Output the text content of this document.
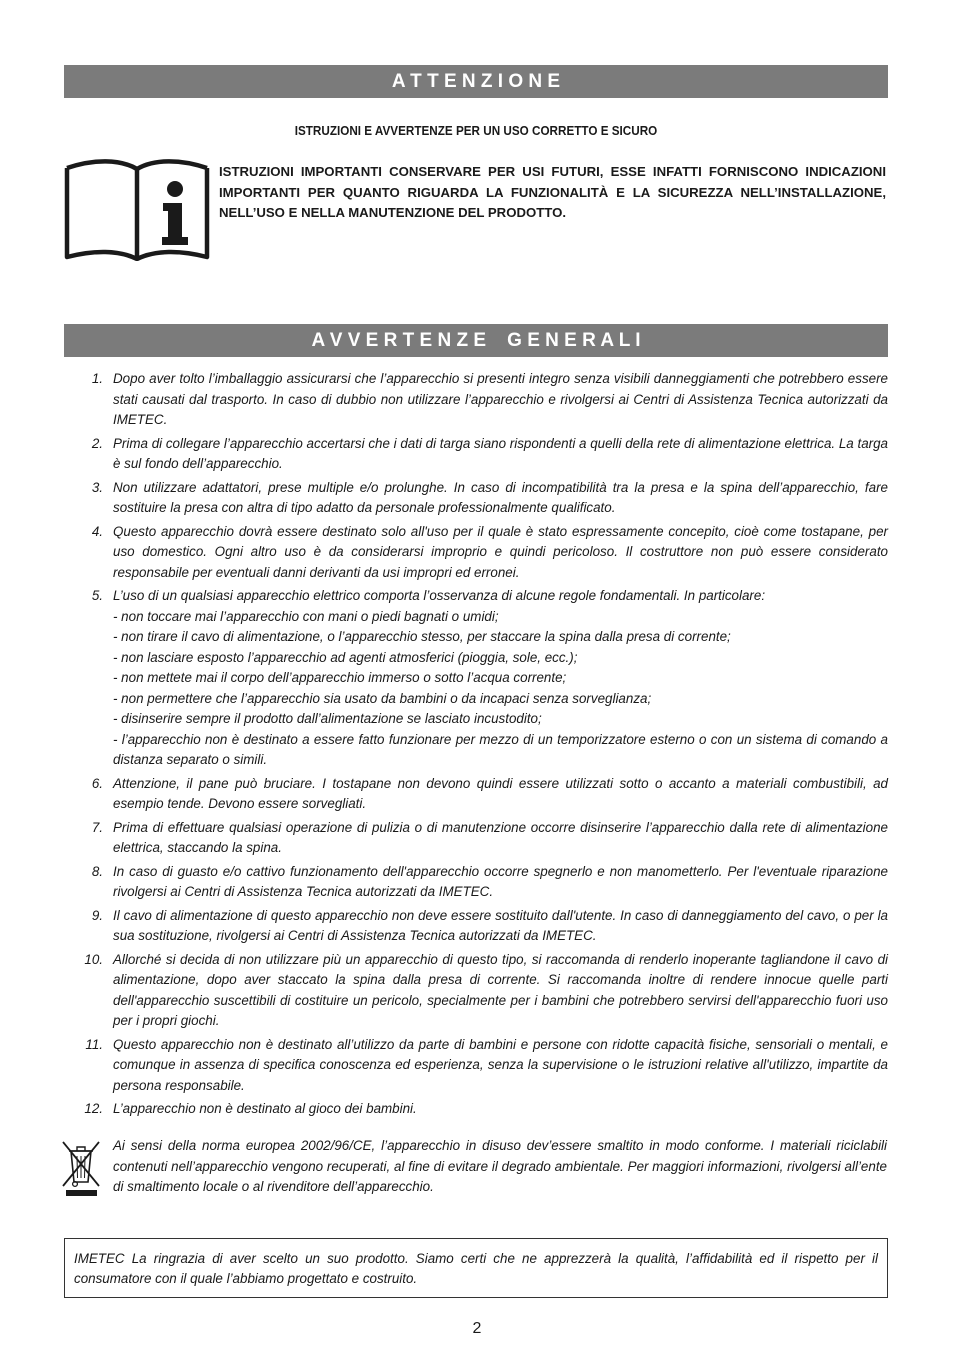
A T T E N Z I O N E
ISTRUZIONI E AVVERTENZE PER UN USO CORRETTO E SICURO
ISTRUZIONI IMPORTANTI CONSERVARE PER USI FUTURI, ESSE INFATTI FORNISCONO INDICAZIONI IMPORTANTI PER QUANTO RIGUARDA LA FUNZIONALITÀ E LA SICUREZZA NELL’INSTALLAZIONE, NELL’USO E NELLA MANUTENZIONE DEL PRODOTTO.
A V V E R T E N Z E    G E N E R A L I
1. Dopo aver tolto l’imballaggio assicurarsi che l’apparecchio si presenti integro senza visibili danneggiamenti che potrebbero essere stati causati dal trasporto. In caso di dubbio non utilizzare l’apparecchio e rivolgersi ai Centri di Assistenza Tecnica autorizzati da IMETEC.
2. Prima di collegare l’apparecchio accertarsi che i dati di targa siano rispondenti a quelli della rete di alimentazione elettrica. La targa è sul fondo dell’apparecchio.
3. Non utilizzare adattatori, prese multiple e/o prolunghe. In caso di incompatibilità tra la presa e la spina dell’apparecchio, fare sostituire la presa con altra di tipo adatto da personale professionalmente qualificato.
4. Questo apparecchio dovrà essere destinato solo all'uso per il quale è stato espressamente concepito, cioè come tostapane, per uso domestico. Ogni altro uso è da considerarsi improprio e quindi pericoloso. Il costruttore non può essere considerato responsabile per eventuali danni derivanti da usi impropri ed erronei.
5. L’uso di un qualsiasi apparecchio elettrico comporta l’osservanza di alcune regole fondamentali. In particolare:
- non toccare mai l’apparecchio con mani o piedi bagnati o umidi;
- non tirare il cavo di alimentazione, o l’apparecchio stesso, per staccare la spina dalla presa di corrente;
- non lasciare esposto l’apparecchio ad agenti atmosferici (pioggia, sole, ecc.);
- non mettete mai il corpo dell’apparecchio immerso o sotto l’acqua corrente;
- non permettere che l’apparecchio sia usato da bambini o da incapaci senza sorveglianza;
- disinserire sempre il prodotto dall’alimentazione se lasciato incustodito;
- l’apparecchio non è destinato a essere fatto funzionare per mezzo di un temporizzatore esterno o con un sistema di comando a distanza separato o simili.
6. Attenzione, il pane può bruciare. I tostapane non devono quindi essere utilizzati sotto o accanto a materiali combustibili, ad esempio tende. Devono essere sorvegliati.
7. Prima di effettuare qualsiasi operazione di pulizia o di manutenzione occorre disinserire l’apparecchio dalla rete di alimentazione elettrica, staccando la spina.
8. In caso di guasto e/o cattivo funzionamento dell'apparecchio occorre spegnerlo e non manometterlo. Per l'eventuale riparazione rivolgersi ai Centri di Assistenza Tecnica autorizzati da IMETEC.
9. Il cavo di alimentazione di questo apparecchio non deve essere sostituito dall'utente. In caso di danneggiamento del cavo, o per la sua sostituzione, rivolgersi ai Centri di Assistenza Tecnica autorizzati da IMETEC.
10. Allorché si decida di non utilizzare più un apparecchio di questo tipo, si raccomanda di renderlo inoperante tagliandone il cavo di alimentazione, dopo aver staccato la spina dalla presa di corrente. Si raccomanda inoltre di rendere innocue quelle parti dell'apparecchio suscettibili di costituire un pericolo, specialmente per i bambini che potrebbero servirsi dell'apparecchio fuori uso per i propri giochi.
11. Questo apparecchio non è destinato all’utilizzo da parte di bambini e persone con ridotte capacità fisiche, sensoriali o mentali, e comunque in assenza di specifica conoscenza ed esperienza, senza la supervisione o le istruzioni relative all'utilizzo, impartite da persona responsabile.
12. L’apparecchio non è destinato al gioco dei bambini.
Ai sensi della norma europea 2002/96/CE, l’apparecchio in disuso dev’essere smaltito in modo conforme. I materiali riciclabili contenuti nell’apparecchio vengono recuperati, al fine di evitare il degrado ambientale. Per maggiori informazioni, rivolgersi all’ente di smaltimento locale o al rivenditore dell’apparecchio.
IMETEC La ringrazia di aver scelto un suo prodotto. Siamo certi che ne apprezzerà la qualità, l’affidabilità ed il rispetto per il consumatore con il quale l’abbiamo progettato e costruito.
2
